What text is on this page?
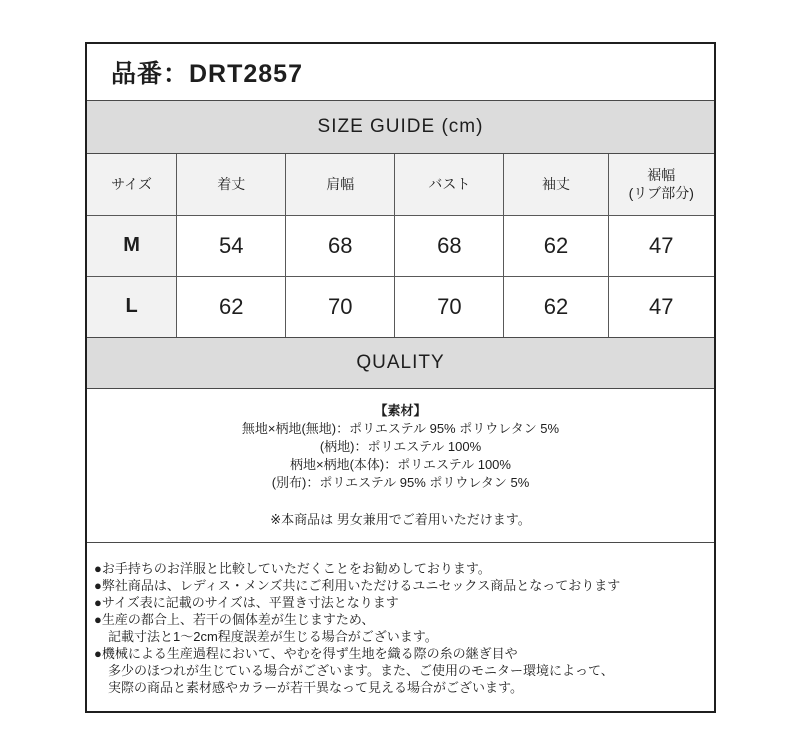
品番：DRT2857
SIZE GUIDE (cm)
サイズ	着丈	肩幅	バスト	袖丈	裾幅
(リブ部分)
M	54	68	68	62	47
L	62	70	70	62	47
QUALITY
【素材】
無地×柄地(無地)：ポリエステル 95% ポリウレタン 5%
(柄地)：ポリエステル 100%
柄地×柄地(本体)：ポリエステル 100%
(別布)：ポリエステル 95% ポリウレタン 5%
※本商品は 男女兼用でご着用いただけます。
●お手持ちのお洋服と比較していただくことをお勧めしております。
●弊社商品は、レディス・メンズ共にご利用いただけるユニセックス商品となっております
●サイズ表に記載のサイズは、平置き寸法となります
●生産の都合上、若干の個体差が生じますため、
記載寸法と1～2cm程度誤差が生じる場合がございます。
●機械による生産過程において、やむを得ず生地を織る際の糸の継ぎ目や
多少のほつれが生じている場合がございます。また、ご使用のモニター環境によって、
実際の商品と素材感やカラーが若干異なって見える場合がございます。
